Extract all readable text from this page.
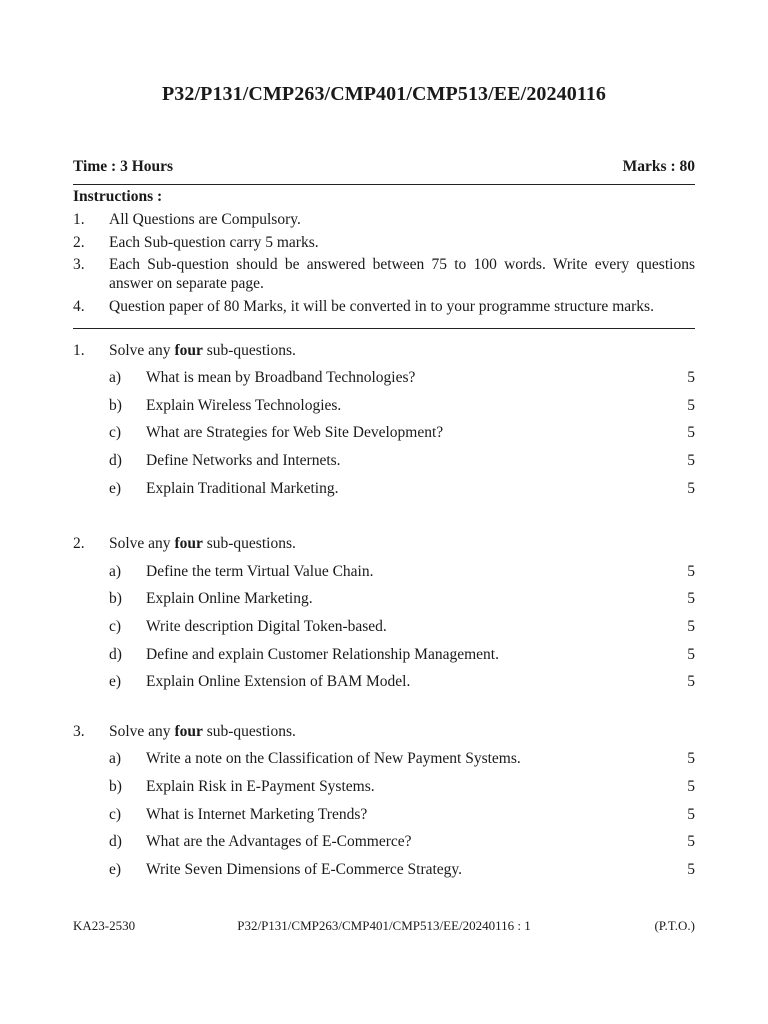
P32/P131/CMP263/CMP401/CMP513/EE/20240116
Time : 3 Hours	Marks : 80
Instructions :
1. All Questions are Compulsory.
2. Each Sub-question carry 5 marks.
3. Each Sub-question should be answered between 75 to 100 words. Write every questions answer on separate page.
4. Question paper of 80 Marks, it will be converted in to your programme structure marks.
1. Solve any four sub-questions.
a) What is mean by Broadband Technologies?	5
b) Explain Wireless Technologies.	5
c) What are Strategies for Web Site Development?	5
d) Define Networks and Internets.	5
e) Explain Traditional Marketing.	5
2. Solve any four sub-questions.
a) Define the term Virtual Value Chain.	5
b) Explain Online Marketing.	5
c) Write description Digital Token-based.	5
d) Define and explain Customer Relationship Management.	5
e) Explain Online Extension of BAM Model.	5
3. Solve any four sub-questions.
a) Write a note on the Classification of New Payment Systems.	5
b) Explain Risk in E-Payment Systems.	5
c) What is Internet Marketing Trends?	5
d) What are the Advantages of E-Commerce?	5
e) Write Seven Dimensions of E-Commerce Strategy.	5
KA23-2530	P32/P131/CMP263/CMP401/CMP513/EE/20240116 : 1	(P.T.O.)
